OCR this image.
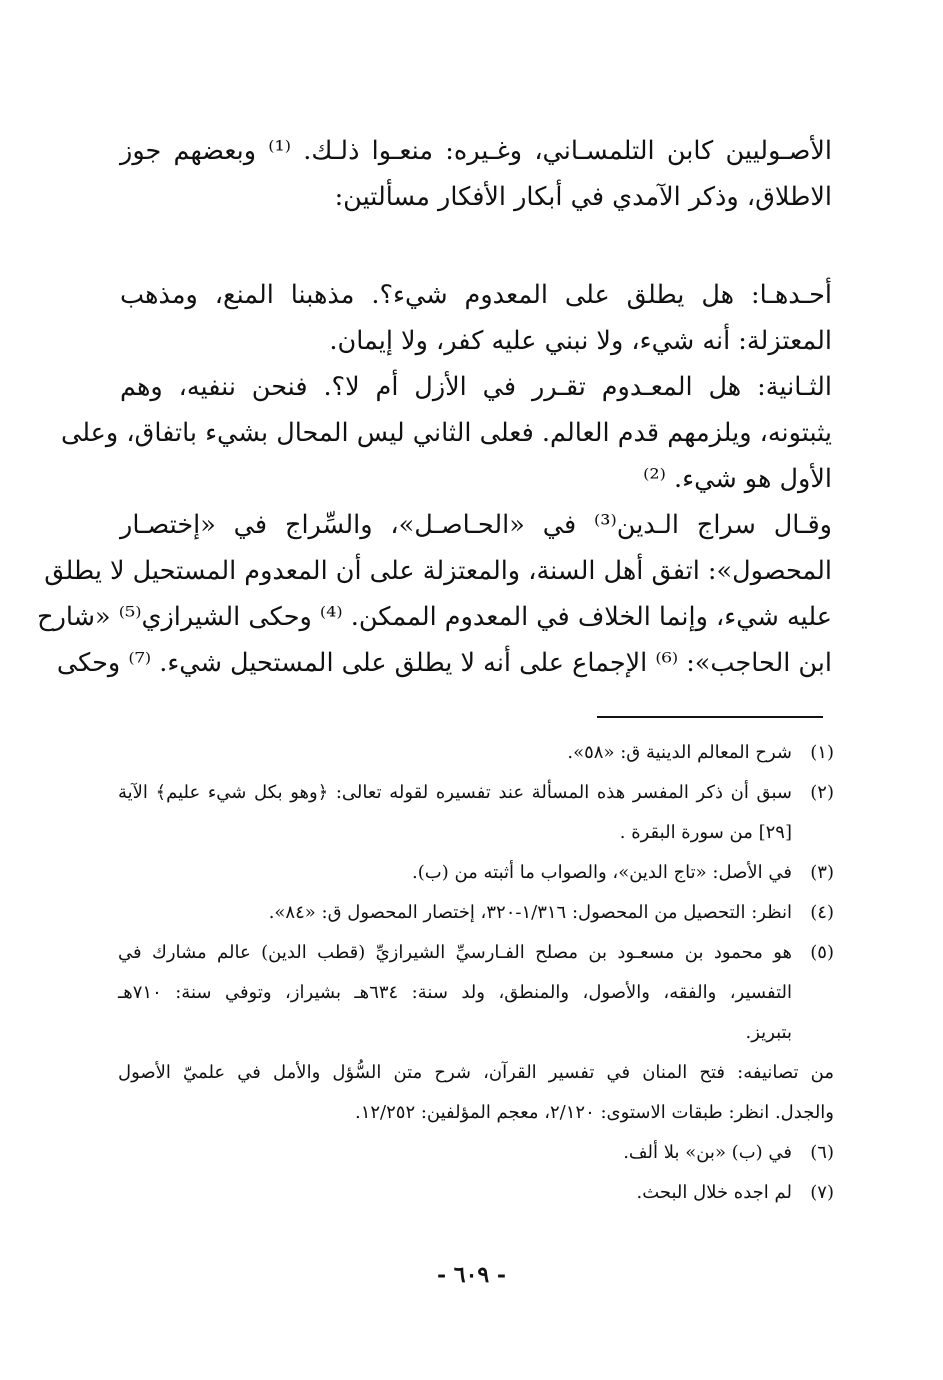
الأصـوليين كابن التلمسـاني، وغـيره: منعـوا ذلـك. ⁽¹⁾ وبعضهم جوز
الاطلاق، وذكر الآمدي في أبكار الأفكار مسألتين:

أحـدهـا: هل يطلق على المعدوم شيء؟. مذهبنا المنع، ومذهب
المعتزلة: أنه شيء، ولا نبني عليه كفر، ولا إيمان.

الثـانية: هل المعـدوم تقـرر في الأزل أم لا؟. فنحن ننفيه، وهم
يثبتونه، ويلزمهم قدم العالم. فعلى الثاني ليس المحال بشيء باتفاق، وعلى
الأول هو شيء. ⁽²⁾

وقـال سراج الـدين⁽³⁾ في «الحـاصـل»، والسِّراج في «إختصـار
المحصول»: اتفق أهل السنة، والمعتزلة على أن المعدوم المستحيل لا يطلق
عليه شيء، وإنما الخلاف في المعدوم الممكن. ⁽⁴⁾ وحكى الشيرازي⁽⁵⁾ «شارح
ابن الحاجب»: ⁽⁶⁾ الإجماع على أنه لا يطلق على المستحيل شيء. ⁽⁷⁾ وحكى

(١)
شرح المعالم الدينية ق: «٥٨».
(٢)
سبق أن ذكر المفسر هذه المسألة عند تفسيره لقوله تعالى: ﴿وهو بكل شيء عليم﴾ الآية
[٢٩] من سورة البقرة .
(٣)
في الأصل: «تاج الدين»، والصواب ما أثبته من (ب).
(٤)
انظر: التحصيل من المحصول: ١/٣١٦-٣٢٠، إختصار المحصول ق: «٨٤».
(٥)
هو محمود بن مسعـود بن مصلح الفـارسيِّ الشيرازيِّ (قطب الدين) عالم مشارك في
التفسير، والفقه، والأصول، والمنطق، ولد سنة: ٦٣٤هـ بشيراز، وتوفي سنة: ٧١٠هـ
بتبريز.
من تصانيفه: فتح المنان في تفسير القرآن، شرح متن السُّؤل والأمل في علميّ الأصول
والجدل. انظر: طبقات الاستوى: ٢/١٢٠، معجم المؤلفين: ١٢/٢٥٢.
(٦)
في (ب) «بن» بلا ألف.
(٧)
لم اجده خلال البحث.
- ٦٠٩ -
